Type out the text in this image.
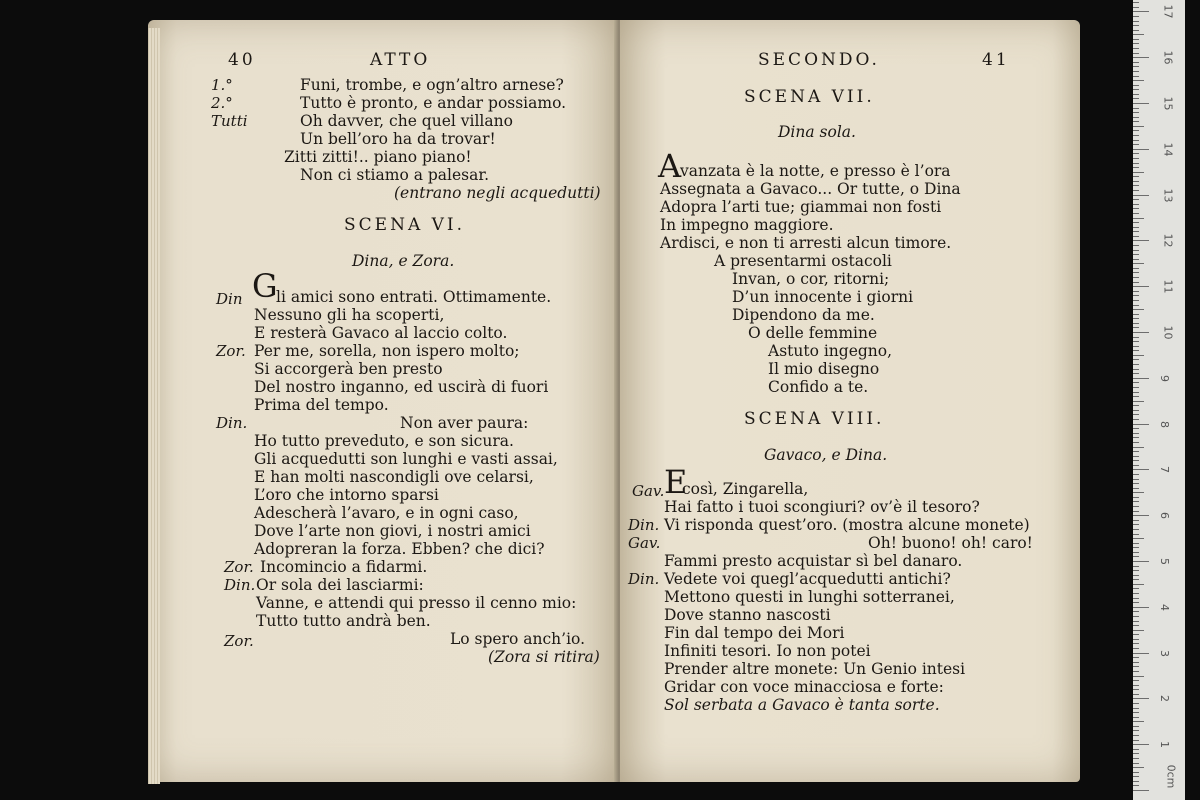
40	ATTO
1.°	Funi, trombe, e ogn’altro arnese?
2.°	Tutto è pronto, e andar possiamo.
Tutti	Oh davver, che quel villano
Un bell’oro ha da trovar!
Zitti zitti!.. piano piano!
Non ci stiamo a palesar.
(entrano negli acquedutti)
SCENA VI.
Dina, e Zora.
Din G
li amici sono entrati. Ottimamente.
Nessuno gli ha scoperti,
E resterà Gavaco al laccio colto.
Zor. Per me, sorella, non ispero molto;
Si accorgerà ben presto
Del nostro inganno, ed uscirà di fuori
Prima del tempo.
Din.	Non aver paura:
Ho tutto preveduto, e son sicura.
Gli acquedutti son lunghi e vasti assai,
E han molti nascondigli ove celarsi,
L’oro che intorno sparsi
Adescherà l’avaro, e in ogni caso,
Dove l’arte non giovi, i nostri amici
Adopreran la forza. Ebben? che dici?
Zor. Incomincio a fidarmi.
Din. Or sola dei lasciarmi:
Vanne, e attendi qui presso il cenno mio:
Tutto tutto andrà ben.
Zor.	Lo spero anch’io.
(Zora si ritira)
SECONDO.	41
SCENA VII.
Dina sola.
A
vanzata è la notte, e presso è l’ora
Assegnata a Gavaco... Or tutte, o Dina
Adopra l’arti tue; giammai non fosti
In impegno maggiore.
Ardisci, e non ti arresti alcun timore.
A presentarmi ostacoli
Invan, o cor, ritorni;
D’un innocente i giorni
Dipendono da me.
O delle femmine
Astuto ingegno,
Il mio disegno
Confido a te.
SCENA VIII.
Gavaco, e Dina.
Gav. E
così, Zingarella,
Hai fatto i tuoi scongiuri? ov’è il tesoro?
Din. Vi risponda quest’oro. (mostra alcune monete)
Gav.	Oh! buono! oh! caro!
Fammi presto acquistar sì bel danaro.
Din. Vedete voi quegl’acquedutti antichi?
Mettono questi in lunghi sotterranei,
Dove stanno nascosti
Fin dal tempo dei Mori
Infiniti tesori. Io non potei
Prender altre monete: Un Genio intesi
Gridar con voce minacciosa e forte:
Sol serbata a Gavaco è tanta sorte.
0cm
1
2
3
4
5
6
7
8
9
10
11
12
13
14
15
16
17
